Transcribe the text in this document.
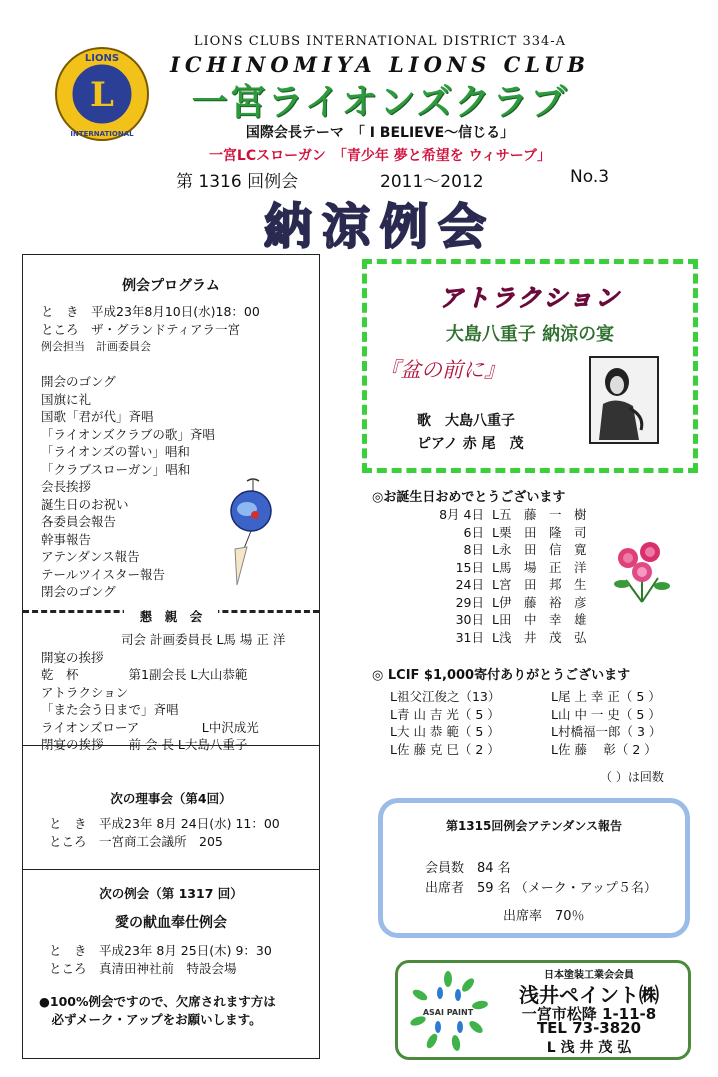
L
LIONS
INTERNATIONAL
LIONS CLUBS INTERNATIONAL DISTRICT 334-A
ICHINOMIYA LIONS CLUB
一宮ライオンズクラブ
国際会長テーマ　「 I BELIEVE～信じる」
一宮LCスローガン　「青少年 夢と希望を ウィサーブ」
第 1316 回例会	2011～2012	No.3
納涼例会
例会プログラム
と　き　平成23年8月10日(水)18：00
ところ　ザ・グランドティアラ一宮
例会担当　計画委員会
開会のゴング
国旗に礼
国歌「君が代」斉唱
「ライオンズクラブの歌」斉唱
「ライオンズの誓い」唱和
「クラブスローガン」唱和
会長挨拶
誕生日のお祝い
各委員会報告
幹事報告
アテンダンス報告
テールツイスター報告
閉会のゴング
懇　親　会
司会 計画委員長 L馬 場 正 洋
開宴の挨拶
乾　杯　　　　第1副会長 L大山恭範
アトラクション
「また会う日まで」斉唱
ライオンズローア　　　　　L中沢成光
閉宴の挨拶　　前 会 長 L大島八重子
次の理事会（第4回）
と　き　平成23年 8月 24日(水) 11：00
ところ　一宮商工会議所　205
次の例会（第 1317 回）
愛の献血奉仕例会
と　き　平成23年 8月 25日(木) 9：30
ところ　真清田神社前　特設会場
●100%例会ですので、欠席されます方は
　必ずメーク・アップをお願いします。
アトラクション
大島八重子 納涼の宴
『盆の前に』
歌　大島八重子
ピアノ 赤 尾　茂
◎お誕生日おめでとうございます
8月 4日 L五　藤　一　樹
6日 L栗　田　隆　司
8日 L永　田　信　寛
15日 L馬　場　正　洋
24日 L宮　田　邦　生
29日 L伊　藤　裕　彦
30日 L田　中　幸　雄
31日 L浅　井　茂　弘
◎ LCIF $1,000寄付ありがとうございます
L祖父江俊之（13）
L青 山 吉 光（ 5 ）
L大 山 恭 範（ 5 ）
L佐 藤 克 巳（ 2 ）
L尾 上 幸 正（ 5 ）
L山 中 一 史（ 5 ）
L村橋福一郎（ 3 ）
L佐 藤　 彰（ 2 ）
（ ）は回数
第1315回例会アテンダンス報告
会員数　84 名
出席者　59 名 （メーク・アップ５名）
出席率　70％
ASAI PAINT
日本塗装工業会会員
浅井ペイント㈱
一宮市松降 1-11-8
TEL 73-3820
L 浅 井 茂 弘
